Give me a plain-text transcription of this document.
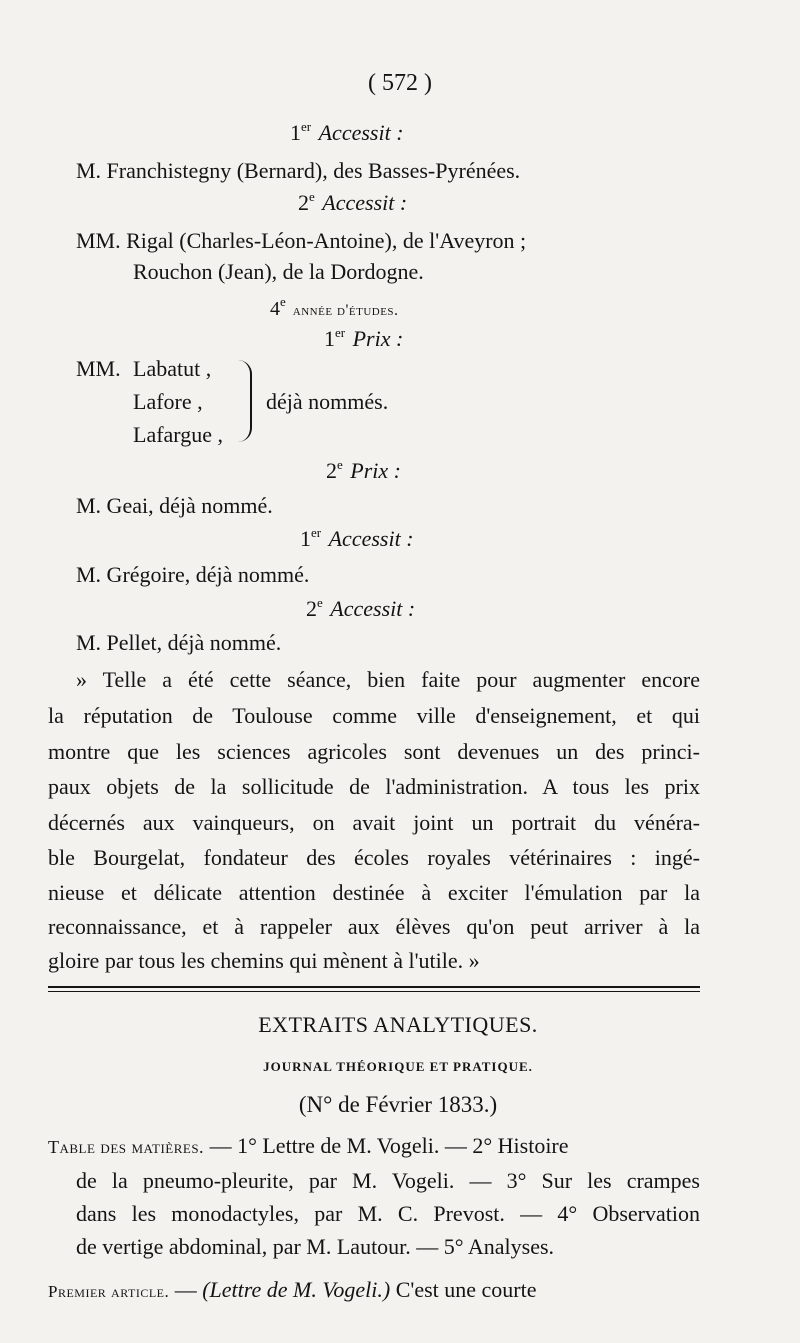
( 572 )
1er Accessit :
M. Franchistegny (Bernard), des Basses-Pyrénées.
2e Accessit :
MM. Rigal (Charles-Léon-Antoine), de l'Aveyron ;
Rouchon (Jean), de la Dordogne.
4e année d'études.
1er Prix :
MM. Labatut ,
Lafore ,
Lafargue ,
déjà nommés.
2e Prix :
M. Geai, déjà nommé.
1er Accessit :
M. Grégoire, déjà nommé.
2e Accessit :
M. Pellet, déjà nommé.
» Telle a été cette séance, bien faite pour augmenter encore
la réputation de Toulouse comme ville d'enseignement, et qui
montre que les sciences agricoles sont devenues un des princi-
paux objets de la sollicitude de l'administration. A tous les prix
décernés aux vainqueurs, on avait joint un portrait du vénéra-
ble Bourgelat, fondateur des écoles royales vétérinaires : ingé-
nieuse et délicate attention destinée à exciter l'émulation par la
reconnaissance, et à rappeler aux élèves qu'on peut arriver à la
gloire par tous les chemins qui mènent à l'utile. »
EXTRAITS ANALYTIQUES.
JOURNAL THÉORIQUE ET PRATIQUE.
(N° de Février 1833.)
Table des matières. — 1° Lettre de M. Vogeli. — 2° Histoire
de la pneumo-pleurite, par M. Vogeli. — 3° Sur les crampes
dans les monodactyles, par M. C. Prevost. — 4° Observation
de vertige abdominal, par M. Lautour. — 5° Analyses.
Premier article. — (Lettre de M. Vogeli.) C'est une courte
